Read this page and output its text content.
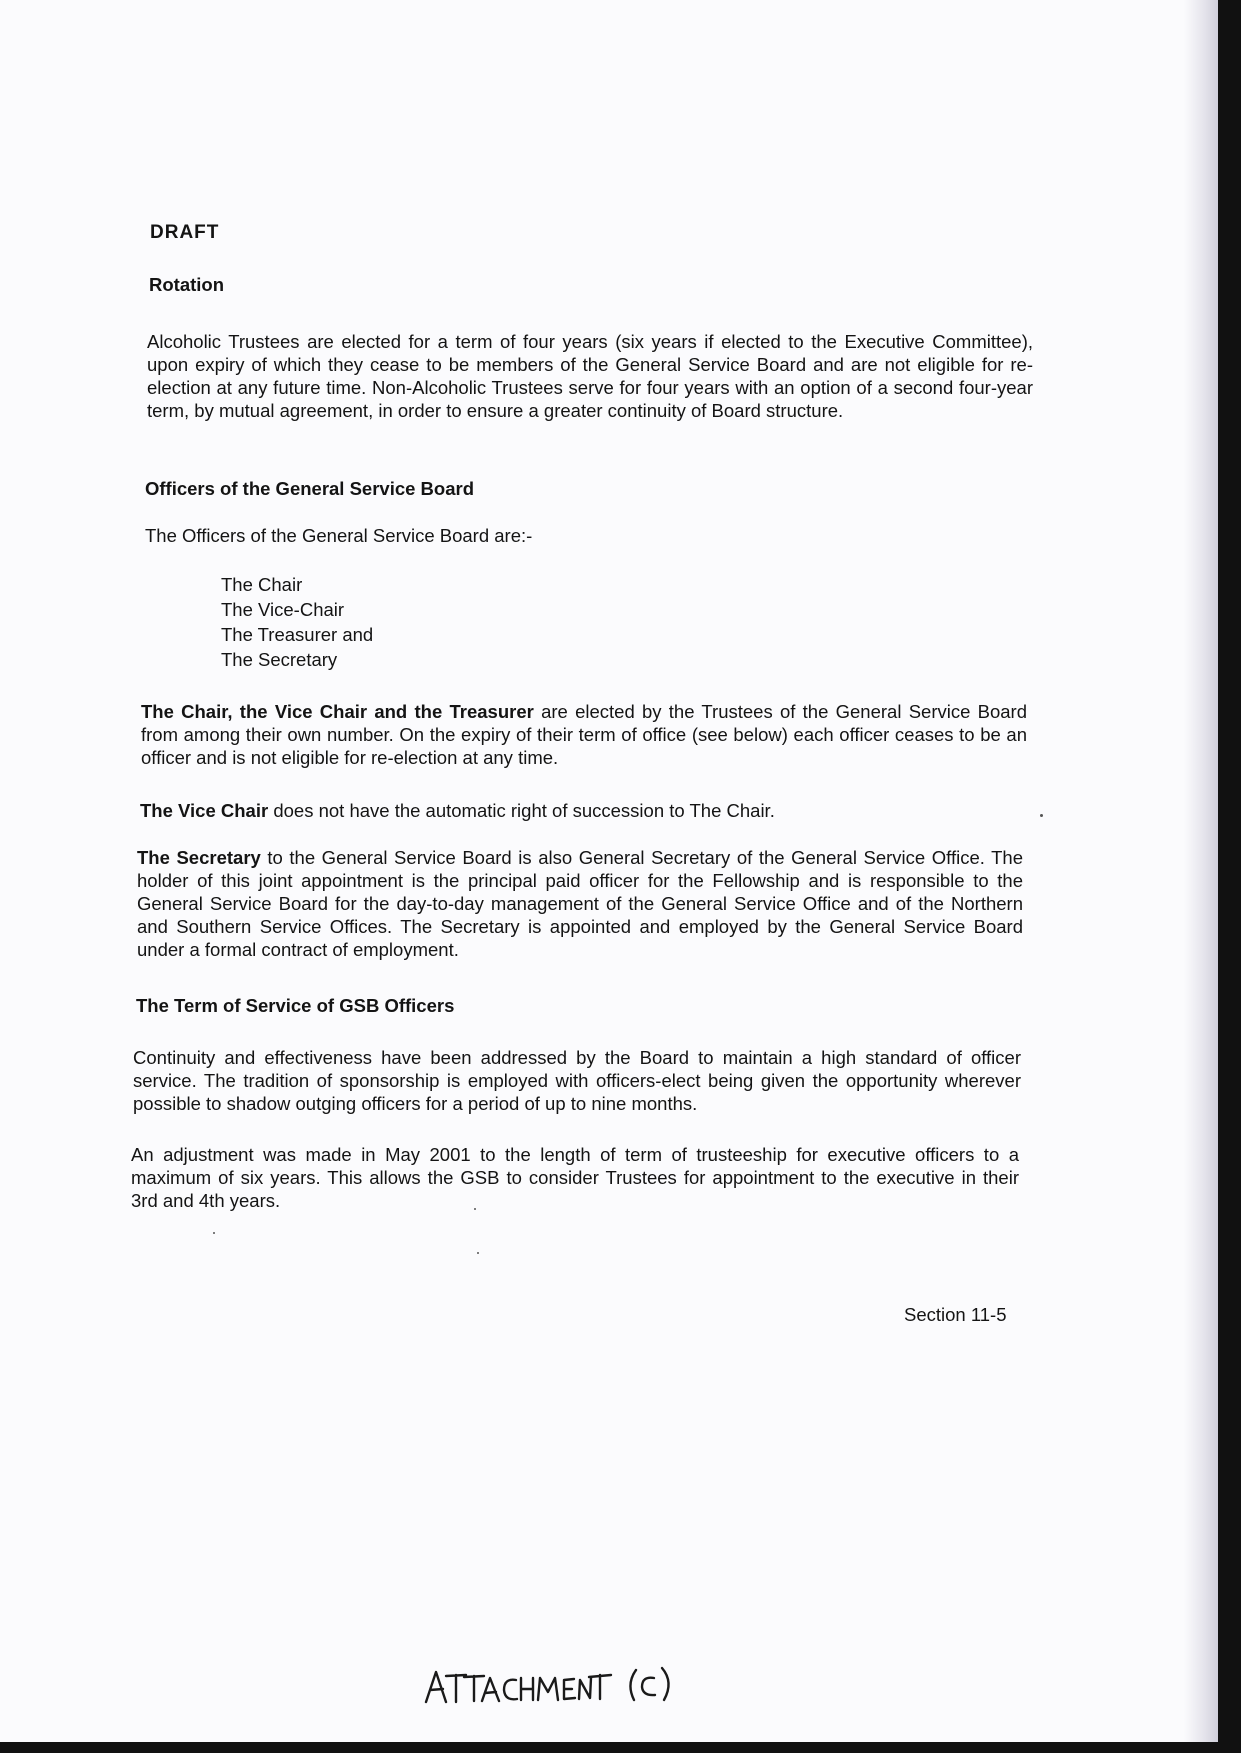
DRAFT
Rotation
Alcoholic Trustees are elected for a term of four years (six years if elected to the Executive Committee), upon expiry of which they cease to be members of the General Service Board and are not eligible for re-election at any future time. Non-Alcoholic Trustees serve for four years with an option of a second four-year term, by mutual agreement, in order to ensure a greater continuity of Board structure.
Officers of the General Service Board
The Officers of the General Service Board are:-
The Chair
The Vice-Chair
The Treasurer and
The Secretary
The Chair, the Vice Chair and the Treasurer are elected by the Trustees of the General Service Board from among their own number. On the expiry of their term of office (see below) each officer ceases to be an officer and is not eligible for re-election at any time.
The Vice Chair does not have the automatic right of succession to The Chair.
The Secretary to the General Service Board is also General Secretary of the General Service Office. The holder of this joint appointment is the principal paid officer for the Fellowship and is responsible to the General Service Board for the day-to-day management of the General Service Office and of the Northern and Southern Service Offices. The Secretary is appointed and employed by the General Service Board under a formal contract of employment.
The Term of Service of GSB Officers
Continuity and effectiveness have been addressed by the Board to maintain a high standard of officer service. The tradition of sponsorship is employed with officers-elect being given the opportunity wherever possible to shadow outging officers for a period of up to nine months.
An adjustment was made in May 2001 to the length of term of trusteeship for executive officers to a maximum of six years. This allows the GSB to consider Trustees for appointment to the executive in their 3rd and 4th years.
Section 11-5
